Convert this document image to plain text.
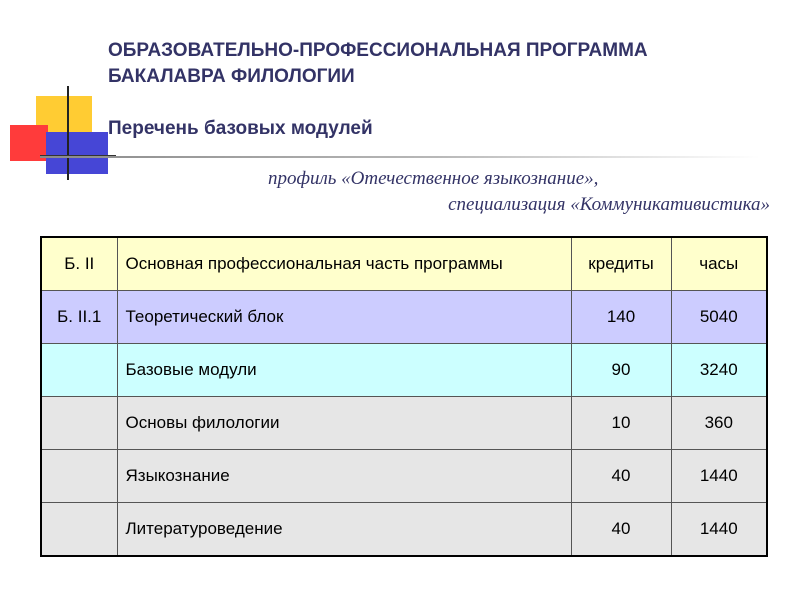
ОБРАЗОВАТЕЛЬНО-ПРОФЕССИОНАЛЬНАЯ ПРОГРАММА
БАКАЛАВРА ФИЛОЛОГИИ
Перечень базовых модулей
профиль «Отечественное языкознание»,
специализация «Коммуникативистика»
Б. II	Основная профессиональная часть программы	кредиты	часы
Б. II.1	Теоретический блок	140	5040
	Базовые модули	90	3240
	Основы филологии	10	360
	Языкознание	40	1440
	Литературоведение	40	1440
